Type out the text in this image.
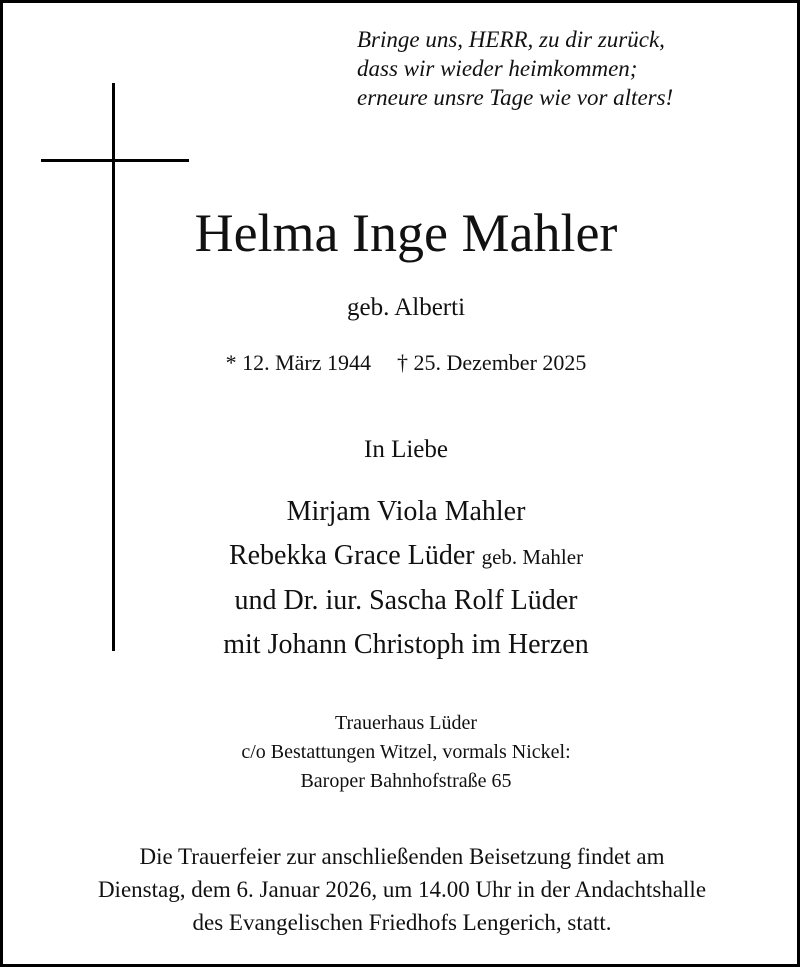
Bringe uns, HERR, zu dir zurück,
dass wir wieder heimkommen;
erneure unsre Tage wie vor alters!
Helma Inge Mahler
geb. Alberti
* 12. März 1944 † 25. Dezember 2025
In Liebe
Mirjam Viola Mahler
Rebekka Grace Lüder geb. Mahler
und Dr. iur. Sascha Rolf Lüder
mit Johann Christoph im Herzen
Trauerhaus Lüder
c/o Bestattungen Witzel, vormals Nickel:
Baroper Bahnhofstraße 65
Die Trauerfeier zur anschließenden Beisetzung findet am
Dienstag, dem 6. Januar 2026, um 14.00 Uhr in der Andachtshalle
des Evangelischen Friedhofs Lengerich, statt.
